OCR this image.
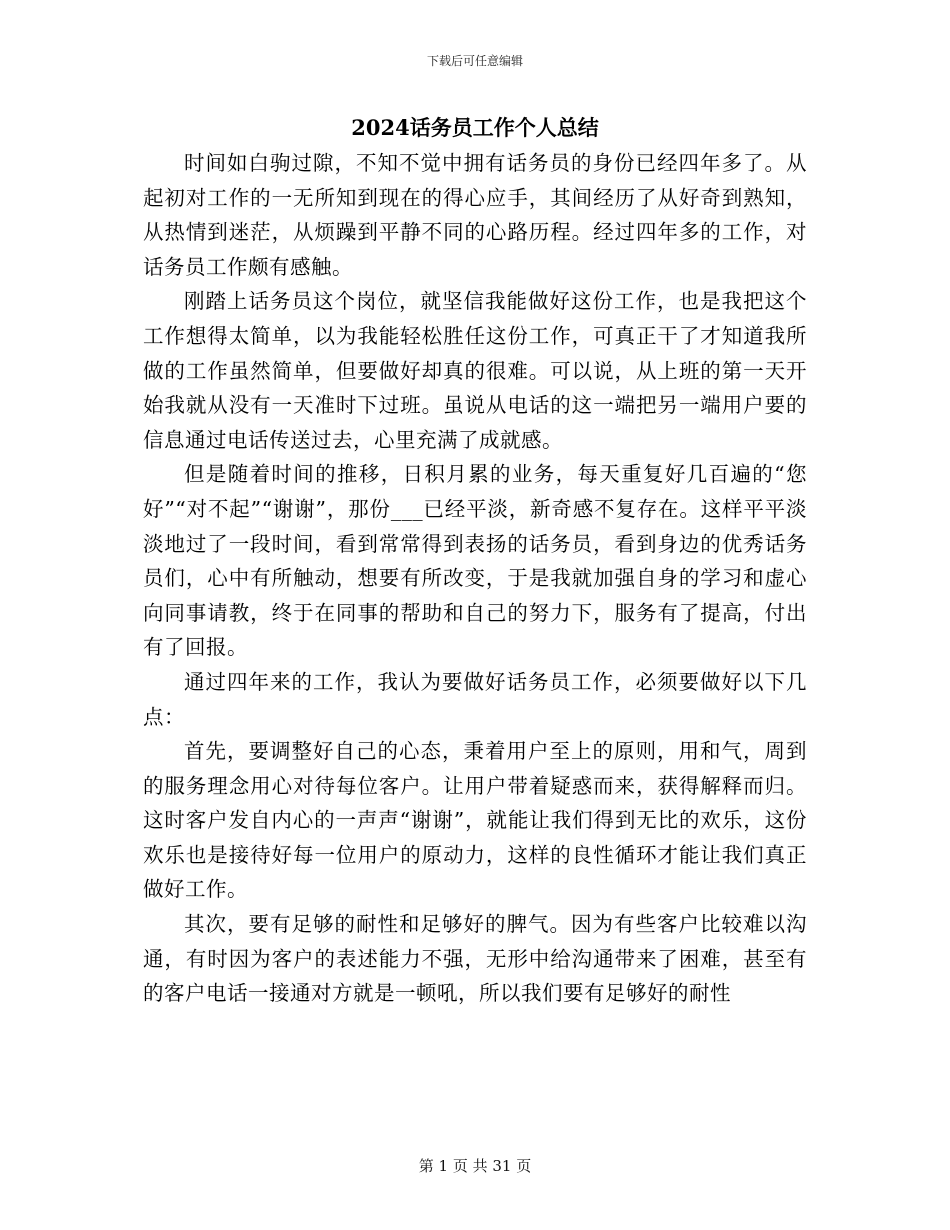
下载后可任意编辑
2024话务员工作个人总结

时间如白驹过隙，不知不觉中拥有话务员的身份已经四年多了。从起初对工作的一无所知到现在的得心应手，其间经历了从好奇到熟知，从热情到迷茫，从烦躁到平静不同的心路历程。经过四年多的工作，对话务员工作颇有感触。

刚踏上话务员这个岗位，就坚信我能做好这份工作，也是我把这个工作想得太简单，以为我能轻松胜任这份工作，可真正干了才知道我所做的工作虽然简单，但要做好却真的很难。可以说，从上班的第一天开始我就从没有一天准时下过班。虽说从电话的这一端把另一端用户要的信息通过电话传送过去，心里充满了成就感。

但是随着时间的推移，日积月累的业务，每天重复好几百遍的“您好”“对不起”“谢谢”，那份___已经平淡，新奇感不复存在。这样平平淡淡地过了一段时间，看到常常得到表扬的话务员，看到身边的优秀话务员们，心中有所触动，想要有所改变，于是我就加强自身的学习和虚心向同事请教，终于在同事的帮助和自己的努力下，服务有了提高，付出有了回报。

通过四年来的工作，我认为要做好话务员工作，必须要做好以下几点：

首先，要调整好自己的心态，秉着用户至上的原则，用和气，周到的服务理念用心对待每位客户。让用户带着疑惑而来，获得解释而归。这时客户发自内心的一声声“谢谢”，就能让我们得到无比的欢乐，这份欢乐也是接待好每一位用户的原动力，这样的良性循环才能让我们真正做好工作。

其次，要有足够的耐性和足够好的脾气。因为有些客户比较难以沟通，有时因为客户的表述能力不强，无形中给沟通带来了困难，甚至有的客户电话一接通对方就是一顿吼，所以我们要有足够好的耐性

第 1 页 共 31 页
